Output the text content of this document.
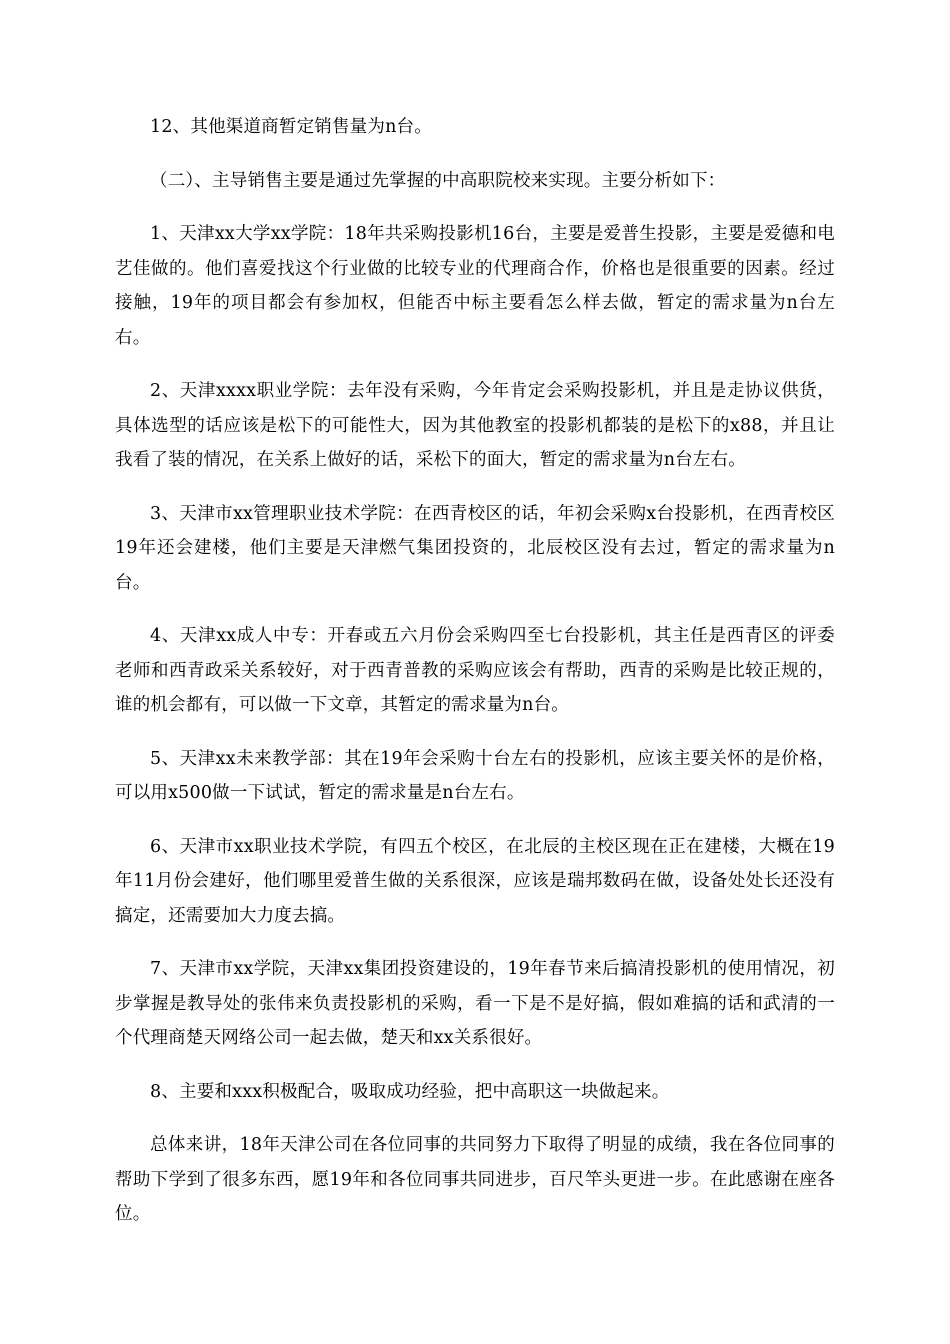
12、其他渠道商暂定销售量为n台。

（二）、主导销售主要是通过先掌握的中高职院校来实现。主要分析如下：

1、天津xx大学xx学院：18年共采购投影机16台，主要是爱普生投影，主要是爱德和电艺佳做的。他们喜爱找这个行业做的比较专业的代理商合作，价格也是很重要的因素。经过接触，19年的项目都会有参加权，但能否中标主要看怎么样去做，暂定的需求量为n台左右。

2、天津xxxx职业学院：去年没有采购，今年肯定会采购投影机，并且是走协议供货，具体选型的话应该是松下的可能性大，因为其他教室的投影机都装的是松下的x88，并且让我看了装的情况，在关系上做好的话，采松下的面大，暂定的需求量为n台左右。

3、天津市xx管理职业技术学院：在西青校区的话，年初会采购x台投影机，在西青校区19年还会建楼，他们主要是天津燃气集团投资的，北辰校区没有去过，暂定的需求量为n台。

4、天津xx成人中专：开春或五六月份会采购四至七台投影机，其主任是西青区的评委老师和西青政采关系较好，对于西青普教的采购应该会有帮助，西青的采购是比较正规的，谁的机会都有，可以做一下文章，其暂定的需求量为n台。

5、天津xx未来教学部：其在19年会采购十台左右的投影机，应该主要关怀的是价格，可以用x500做一下试试，暂定的需求量是n台左右。

6、天津市xx职业技术学院，有四五个校区，在北辰的主校区现在正在建楼，大概在19年11月份会建好，他们哪里爱普生做的关系很深，应该是瑞邦数码在做，设备处处长还没有搞定，还需要加大力度去搞。

7、天津市xx学院，天津xx集团投资建设的，19年春节来后搞清投影机的使用情况，初步掌握是教导处的张伟来负责投影机的采购，看一下是不是好搞，假如难搞的话和武清的一个代理商楚天网络公司一起去做，楚天和xx关系很好。

8、主要和xxx积极配合，吸取成功经验，把中高职这一块做起来。

总体来讲，18年天津公司在各位同事的共同努力下取得了明显的成绩，我在各位同事的帮助下学到了很多东西，愿19年和各位同事共同进步，百尺竿头更进一步。在此感谢在座各位。
